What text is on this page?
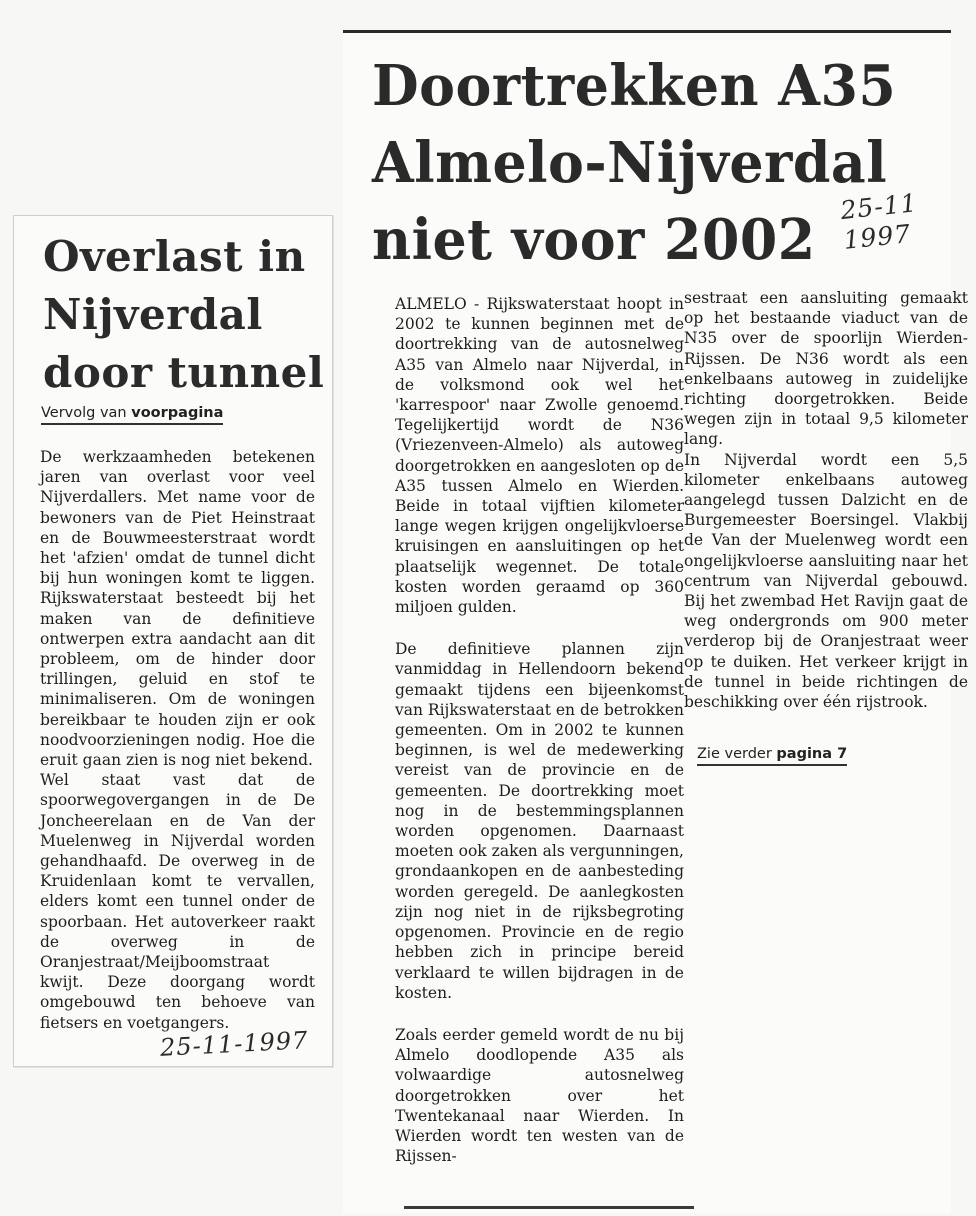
Overlast in
Nijverdal
door tunnel
Vervolg van voorpagina

De werkzaamheden betekenen jaren van overlast voor veel Nijverdallers. Met name voor de bewoners van de Piet Heinstraat en de Bouwmeesterstraat wordt het 'afzien' omdat de tunnel dicht bij hun woningen komt te liggen. Rijkswaterstaat besteedt bij het maken van de definitieve ontwerpen extra aandacht aan dit probleem, om de hinder door trillingen, geluid en stof te minimaliseren. Om de woningen bereikbaar te houden zijn er ook noodvoorzieningen nodig. Hoe die eruit gaan zien is nog niet bekend.

Wel staat vast dat de spoorwegovergangen in de De Joncheerelaan en de Van der Muelenweg in Nijverdal worden gehandhaafd. De overweg in de Kruidenlaan komt te vervallen, elders komt een tunnel onder de spoorbaan. Het autoverkeer raakt de overweg in de Oranjestraat/Meijboomstraat kwijt. Deze doorgang wordt omgebouwd ten behoeve van fietsers en voetgangers.

25-11-1997
Doortrekken A35
Almelo-Nijverdal
niet voor 2002
25-11
1997

ALMELO - Rijkswaterstaat hoopt in 2002 te kunnen beginnen met de doortrekking van de autosnelweg A35 van Almelo naar Nijverdal, in de volksmond ook wel het 'karrespoor' naar Zwolle genoemd. Tegelijkertijd wordt de N36 (Vriezenveen-Almelo) als autoweg doorgetrokken en aangesloten op de A35 tussen Almelo en Wierden. Beide in totaal vijftien kilometer lange wegen krijgen ongelijkvloerse kruisingen en aansluitingen op het plaatselijk wegennet. De totale kosten worden geraamd op 360 miljoen gulden.

De definitieve plannen zijn vanmiddag in Hellendoorn bekend gemaakt tijdens een bijeenkomst van Rijkswaterstaat en de betrokken gemeenten. Om in 2002 te kunnen beginnen, is wel de medewerking vereist van de provincie en de gemeenten. De doortrekking moet nog in de bestemmingsplannen worden opgenomen. Daarnaast moeten ook zaken als vergunningen, grondaankopen en de aanbesteding worden geregeld. De aanlegkosten zijn nog niet in de rijksbegroting opgenomen. Provincie en de regio hebben zich in principe bereid verklaard te willen bijdragen in de kosten.

Zoals eerder gemeld wordt de nu bij Almelo doodlopende A35 als volwaardige autosnelweg doorgetrokken over het Twentekanaal naar Wierden. In Wierden wordt ten westen van de Rijssen-

sestraat een aansluiting gemaakt op het bestaande viaduct van de N35 over de spoorlijn Wierden-Rijssen. De N36 wordt als een enkelbaans autoweg in zuidelijke richting doorgetrokken. Beide wegen zijn in totaal 9,5 kilometer lang.

In Nijverdal wordt een 5,5 kilometer enkelbaans autoweg aangelegd tussen Dalzicht en de Burgemeester Boersingel. Vlakbij de Van der Muelenweg wordt een ongelijkvloerse aansluiting naar het centrum van Nijverdal gebouwd. Bij het zwembad Het Ravijn gaat de weg ondergronds om 900 meter verderop bij de Oranjestraat weer op te duiken. Het verkeer krijgt in de tunnel in beide richtingen de beschikking over één rijstrook.

Zie verder pagina 7
